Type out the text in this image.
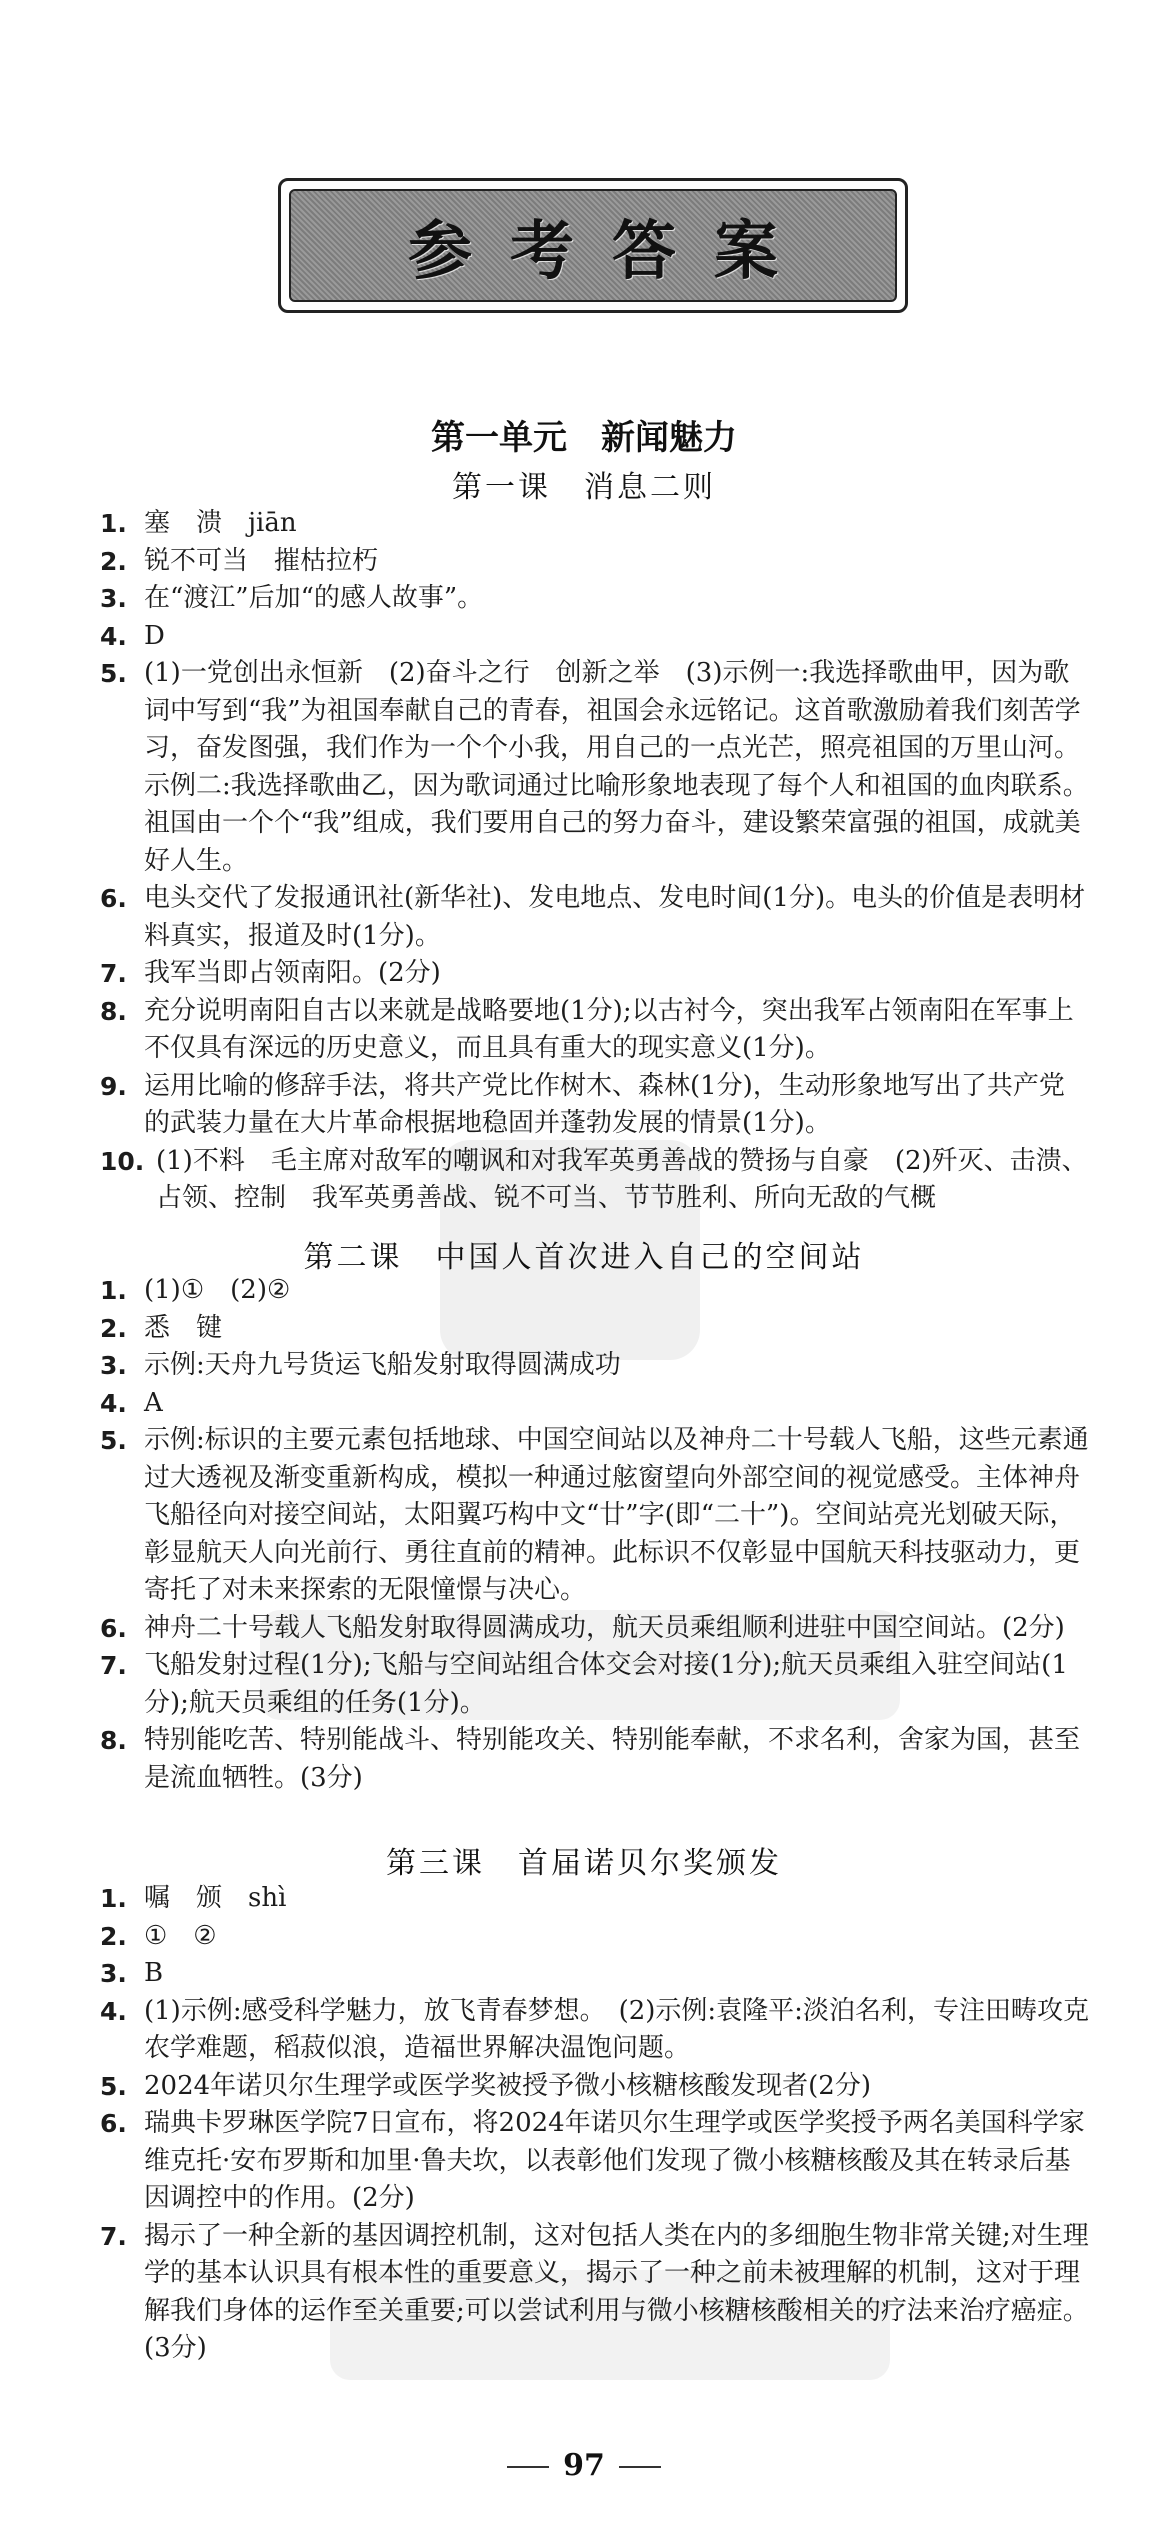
参考答案
第一单元　新闻魅力
第一课　消息二则

1. 塞　溃　jiān

2. 锐不可当　摧枯拉朽

3. 在“渡江”后加“的感人故事”。

4. D

5. (1)一党创出永恒新　(2)奋斗之行　创新之举　(3)示例一:我选择歌曲甲，因为歌词中写到“我”为祖国奉献自己的青春，祖国会永远铭记。这首歌激励着我们刻苦学习，奋发图强，我们作为一个个小我，用自己的一点光芒，照亮祖国的万里山河。　示例二:我选择歌曲乙，因为歌词通过比喻形象地表现了每个人和祖国的血肉联系。祖国由一个个“我”组成，我们要用自己的努力奋斗，建设繁荣富强的祖国，成就美好人生。

6. 电头交代了发报通讯社(新华社)、发电地点、发电时间(1分)。电头的价值是表明材料真实，报道及时(1分)。

7. 我军当即占领南阳。(2分)

8. 充分说明南阳自古以来就是战略要地(1分);以古衬今，突出我军占领南阳在军事上不仅具有深远的历史意义，而且具有重大的现实意义(1分)。

9. 运用比喻的修辞手法，将共产党比作树木、森林(1分)，生动形象地写出了共产党的武装力量在大片革命根据地稳固并蓬勃发展的情景(1分)。

10. (1)不料　毛主席对敌军的嘲讽和对我军英勇善战的赞扬与自豪　(2)歼灭、击溃、占领、控制　我军英勇善战、锐不可当、节节胜利、所向无敌的气概

第二课　中国人首次进入自己的空间站

1. (1)①　(2)②

2. 悉　键

3. 示例:天舟九号货运飞船发射取得圆满成功

4. A

5. 示例:标识的主要元素包括地球、中国空间站以及神舟二十号载人飞船，这些元素通过大透视及渐变重新构成，模拟一种通过舷窗望向外部空间的视觉感受。主体神舟飞船径向对接空间站，太阳翼巧构中文“廿”字(即“二十”)。空间站亮光划破天际，彰显航天人向光前行、勇往直前的精神。此标识不仅彰显中国航天科技驱动力，更寄托了对未来探索的无限憧憬与决心。

6. 神舟二十号载人飞船发射取得圆满成功，航天员乘组顺利进驻中国空间站。(2分)

7. 飞船发射过程(1分);飞船与空间站组合体交会对接(1分);航天员乘组入驻空间站(1分);航天员乘组的任务(1分)。

8. 特别能吃苦、特别能战斗、特别能攻关、特别能奉献，不求名利，舍家为国，甚至是流血牺牲。(3分)

第三课　首届诺贝尔奖颁发

1. 嘱　颁　shì

2. ①　②

3. B

4. (1)示例:感受科学魅力，放飞青春梦想。　(2)示例:袁隆平:淡泊名利，专注田畴攻克农学难题，稻菽似浪，造福世界解决温饱问题。

5. 2024年诺贝尔生理学或医学奖被授予微小核糖核酸发现者(2分)

6. 瑞典卡罗琳医学院7日宣布，将2024年诺贝尔生理学或医学奖授予两名美国科学家维克托·安布罗斯和加里·鲁夫坎，以表彰他们发现了微小核糖核酸及其在转录后基因调控中的作用。(2分)

7. 揭示了一种全新的基因调控机制，这对包括人类在内的多细胞生物非常关键;对生理学的基本认识具有根本性的重要意义，揭示了一种之前未被理解的机制，这对于理解我们身体的运作至关重要;可以尝试利用与微小核糖核酸相关的疗法来治疗癌症。(3分)

97
